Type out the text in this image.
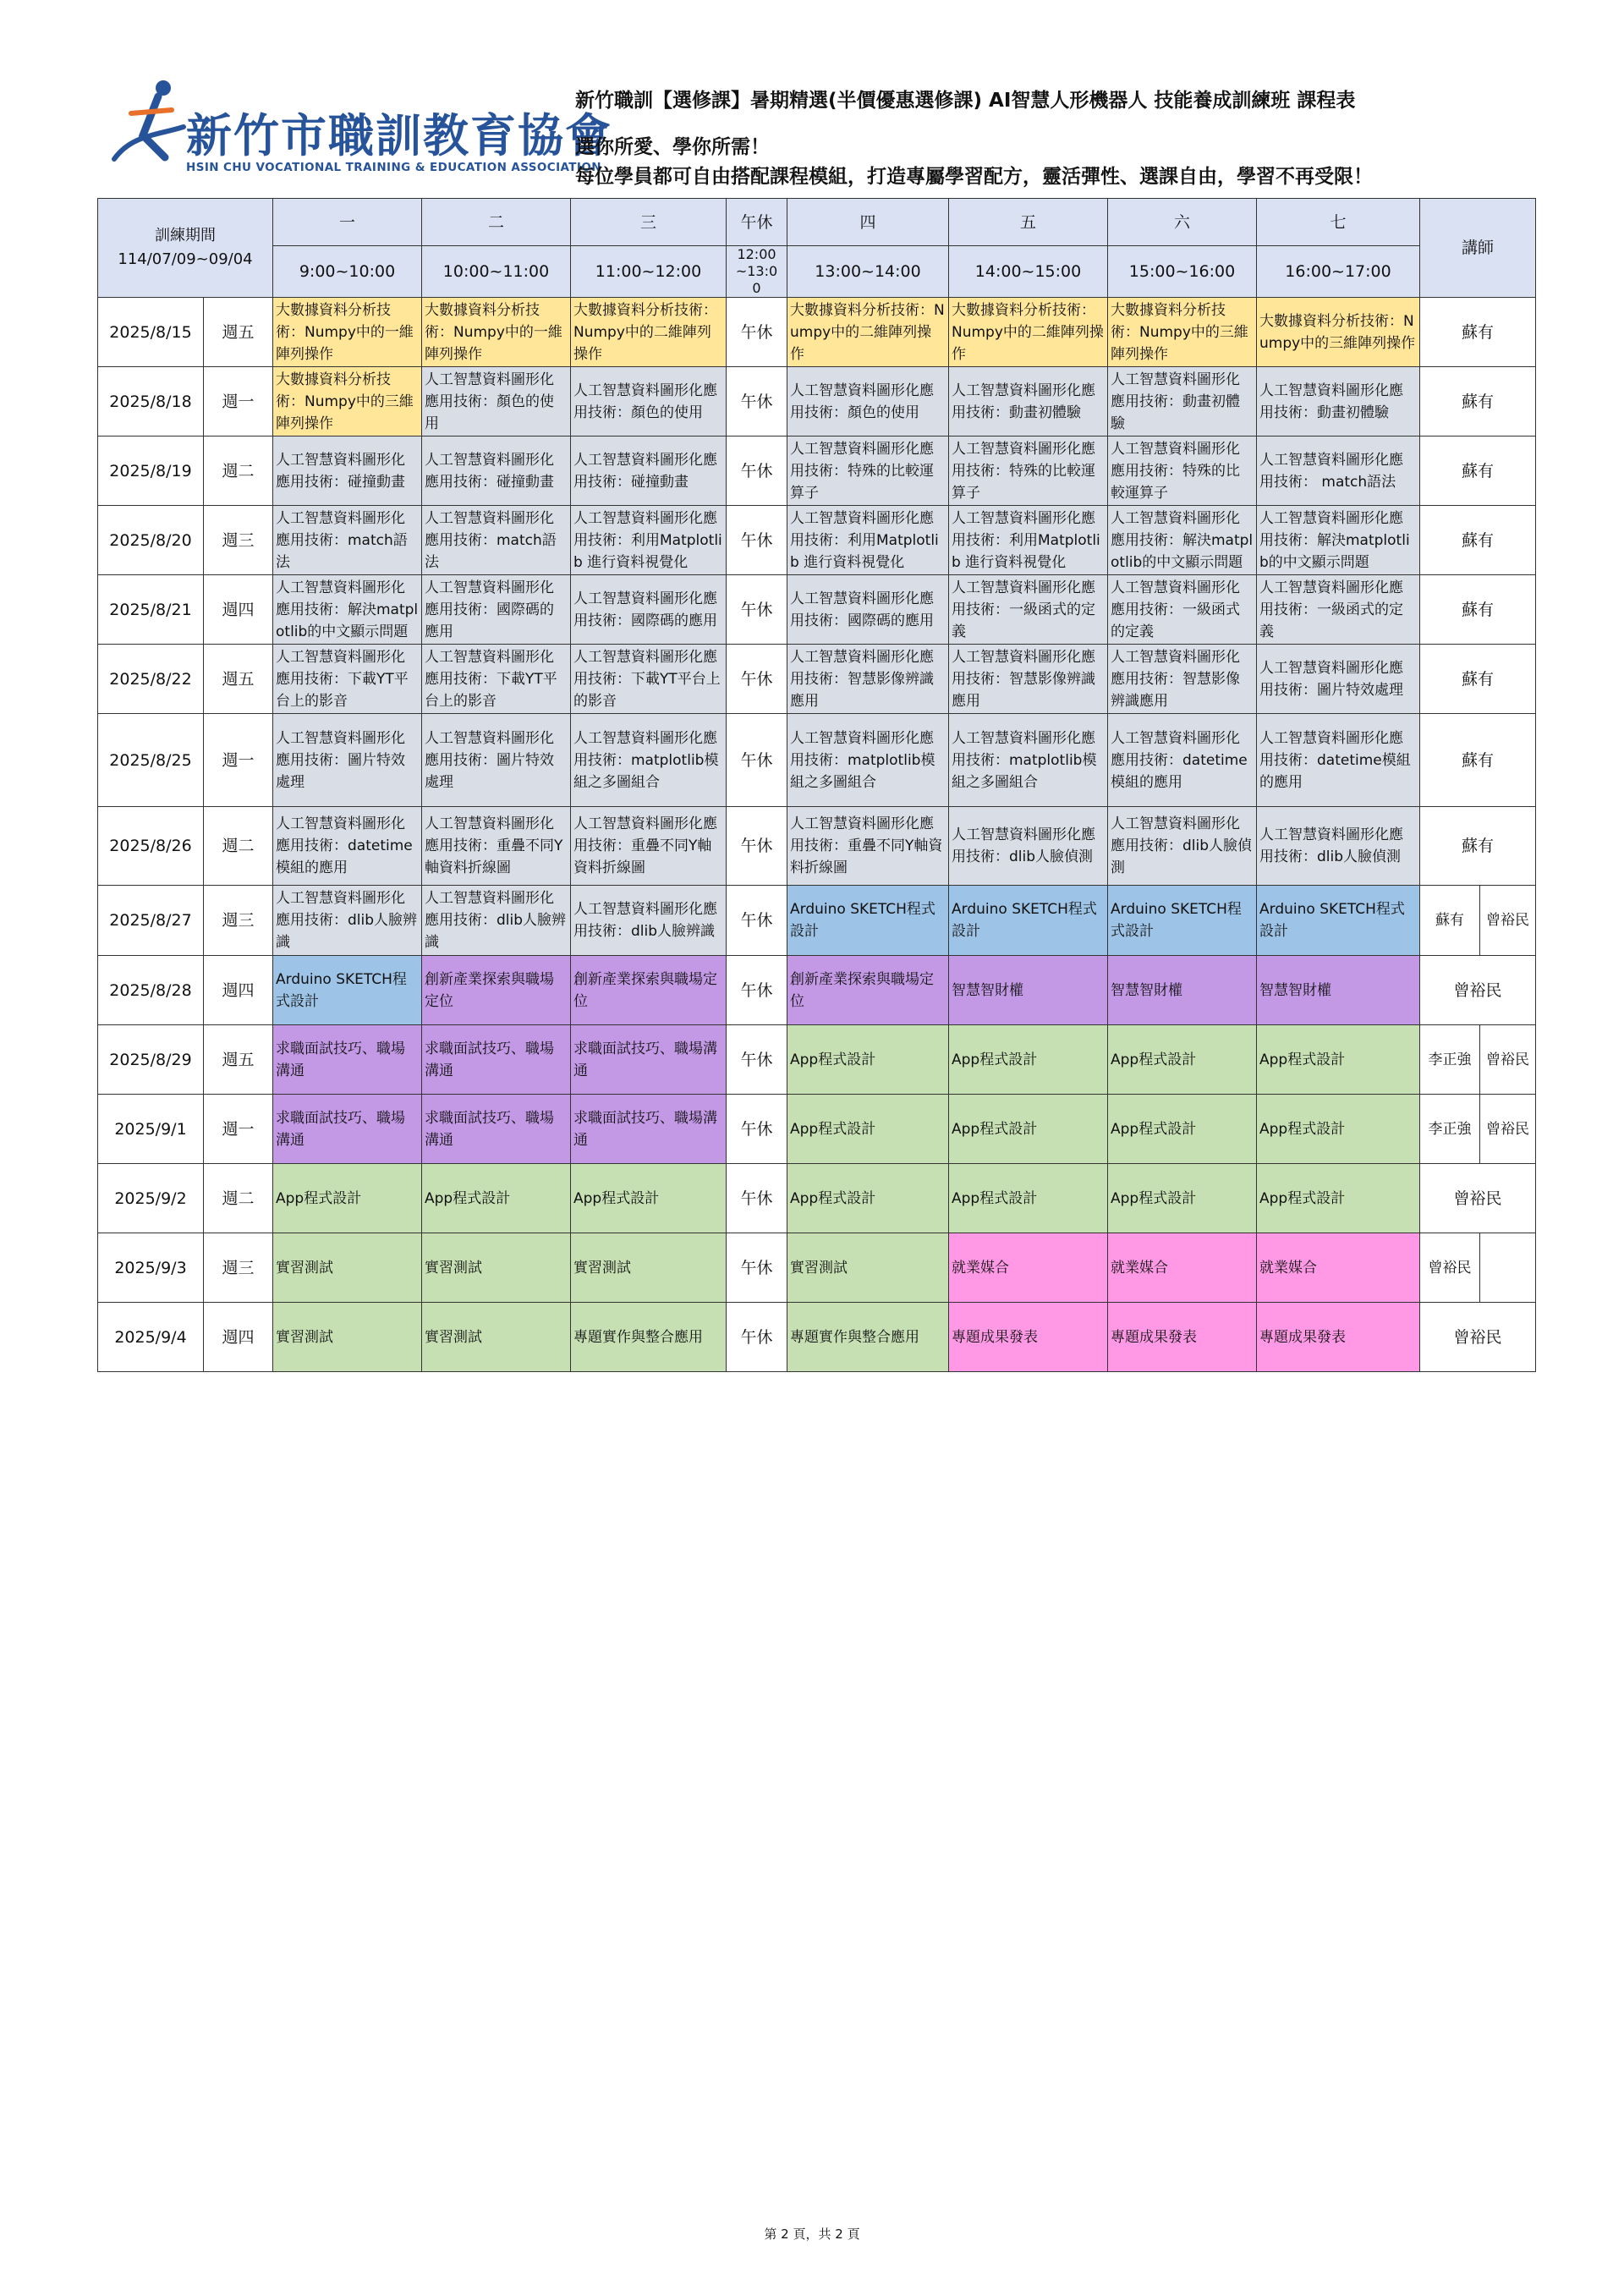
新竹市職訓教育協會
HSIN CHU VOCATIONAL TRAINING & EDUCATION ASSOCIATION
新竹職訓【選修課】暑期精選(半價優惠選修課) AI智慧人形機器人 技能養成訓練班 課程表
選你所愛、學你所需！
每位學員都可自由搭配課程模組，打造專屬學習配方，靈活彈性、選課自由，學習不再受限！
訓練期間
114/07/09~09/04		一	二	三	午休	四	五	六	七	講師	
		9:00~10:00	10:00~11:00	11:00~12:00	12:00
~13:0
0	13:00~14:00	14:00~15:00	15:00~16:00	16:00~17:00		
2025/8/15	週五	大數據資料分析技術：Numpy中的一維陣列操作	大數據資料分析技術：Numpy中的一維陣列操作	大數據資料分析技術：Numpy中的二維陣列操作	午休	大數據資料分析技術：Numpy中的二維陣列操作	大數據資料分析技術：Numpy中的二維陣列操作	大數據資料分析技術：Numpy中的三維陣列操作	大數據資料分析技術：Numpy中的三維陣列操作	蘇有	
2025/8/18	週一	大數據資料分析技術：Numpy中的三維陣列操作	人工智慧資料圖形化應用技術：顏色的使用	人工智慧資料圖形化應用技術：顏色的使用	午休	人工智慧資料圖形化應用技術：顏色的使用	人工智慧資料圖形化應用技術：動畫初體驗	人工智慧資料圖形化應用技術：動畫初體驗	人工智慧資料圖形化應用技術：動畫初體驗	蘇有	
2025/8/19	週二	人工智慧資料圖形化應用技術：碰撞動畫	人工智慧資料圖形化應用技術：碰撞動畫	人工智慧資料圖形化應用技術：碰撞動畫	午休	人工智慧資料圖形化應用技術：特殊的比較運算子	人工智慧資料圖形化應用技術：特殊的比較運算子	人工智慧資料圖形化應用技術：特殊的比較運算子	人工智慧資料圖形化應用技術： match語法	蘇有	
2025/8/20	週三	人工智慧資料圖形化應用技術：match語法	人工智慧資料圖形化應用技術：match語法	人工智慧資料圖形化應用技術：利用Matplotlib 進行資料視覺化	午休	人工智慧資料圖形化應用技術：利用Matplotlib 進行資料視覺化	人工智慧資料圖形化應用技術：利用Matplotlib 進行資料視覺化	人工智慧資料圖形化應用技術：解決matplotlib的中文顯示問題	人工智慧資料圖形化應用技術：解決matplotlib的中文顯示問題	蘇有	
2025/8/21	週四	人工智慧資料圖形化應用技術：解決matplotlib的中文顯示問題	人工智慧資料圖形化應用技術：國際碼的應用	人工智慧資料圖形化應用技術：國際碼的應用	午休	人工智慧資料圖形化應用技術：國際碼的應用	人工智慧資料圖形化應用技術：一級函式的定義	人工智慧資料圖形化應用技術：一級函式的定義	人工智慧資料圖形化應用技術：一級函式的定義	蘇有	
2025/8/22	週五	人工智慧資料圖形化應用技術：下載YT平台上的影音	人工智慧資料圖形化應用技術：下載YT平台上的影音	人工智慧資料圖形化應用技術：下載YT平台上的影音	午休	人工智慧資料圖形化應用技術：智慧影像辨識應用	人工智慧資料圖形化應用技術：智慧影像辨識應用	人工智慧資料圖形化應用技術：智慧影像辨識應用	人工智慧資料圖形化應用技術：圖片特效處理	蘇有	
2025/8/25	週一	人工智慧資料圖形化應用技術：圖片特效處理	人工智慧資料圖形化應用技術：圖片特效處理	人工智慧資料圖形化應用技術：matplotlib模組之多圖組合	午休	人工智慧資料圖形化應用技術：matplotlib模組之多圖組合	人工智慧資料圖形化應用技術：matplotlib模組之多圖組合	人工智慧資料圖形化應用技術：datetime模組的應用	人工智慧資料圖形化應用技術：datetime模組的應用	蘇有	
2025/8/26	週二	人工智慧資料圖形化應用技術：datetime模組的應用	人工智慧資料圖形化應用技術：重疊不同Y軸資料折線圖	人工智慧資料圖形化應用技術：重疊不同Y軸資料折線圖	午休	人工智慧資料圖形化應用技術：重疊不同Y軸資料折線圖	人工智慧資料圖形化應用技術：dlib人臉偵測	人工智慧資料圖形化應用技術：dlib人臉偵測	人工智慧資料圖形化應用技術：dlib人臉偵測	蘇有	
2025/8/27	週三	人工智慧資料圖形化應用技術：dlib人臉辨識	人工智慧資料圖形化應用技術：dlib人臉辨識	人工智慧資料圖形化應用技術：dlib人臉辨識	午休	Arduino SKETCH程式設計	Arduino SKETCH程式設計	Arduino SKETCH程式設計	Arduino SKETCH程式設計	蘇有	曾裕民
2025/8/28	週四	Arduino SKETCH程式設計	創新產業探索與職場定位	創新產業探索與職場定位	午休	創新產業探索與職場定位	智慧智財權	智慧智財權	智慧智財權	曾裕民	
2025/8/29	週五	求職面試技巧、職場溝通	求職面試技巧、職場溝通	求職面試技巧、職場溝通	午休	App程式設計	App程式設計	App程式設計	App程式設計	李正強	曾裕民
2025/9/1	週一	求職面試技巧、職場溝通	求職面試技巧、職場溝通	求職面試技巧、職場溝通	午休	App程式設計	App程式設計	App程式設計	App程式設計	李正強	曾裕民
2025/9/2	週二	App程式設計	App程式設計	App程式設計	午休	App程式設計	App程式設計	App程式設計	App程式設計	曾裕民	
2025/9/3	週三	實習測試	實習測試	實習測試	午休	實習測試	就業媒合	就業媒合	就業媒合	曾裕民	
2025/9/4	週四	實習測試	實習測試	專題實作與整合應用	午休	專題實作與整合應用	專題成果發表	專題成果發表	專題成果發表	曾裕民	
第 2 頁，共 2 頁
